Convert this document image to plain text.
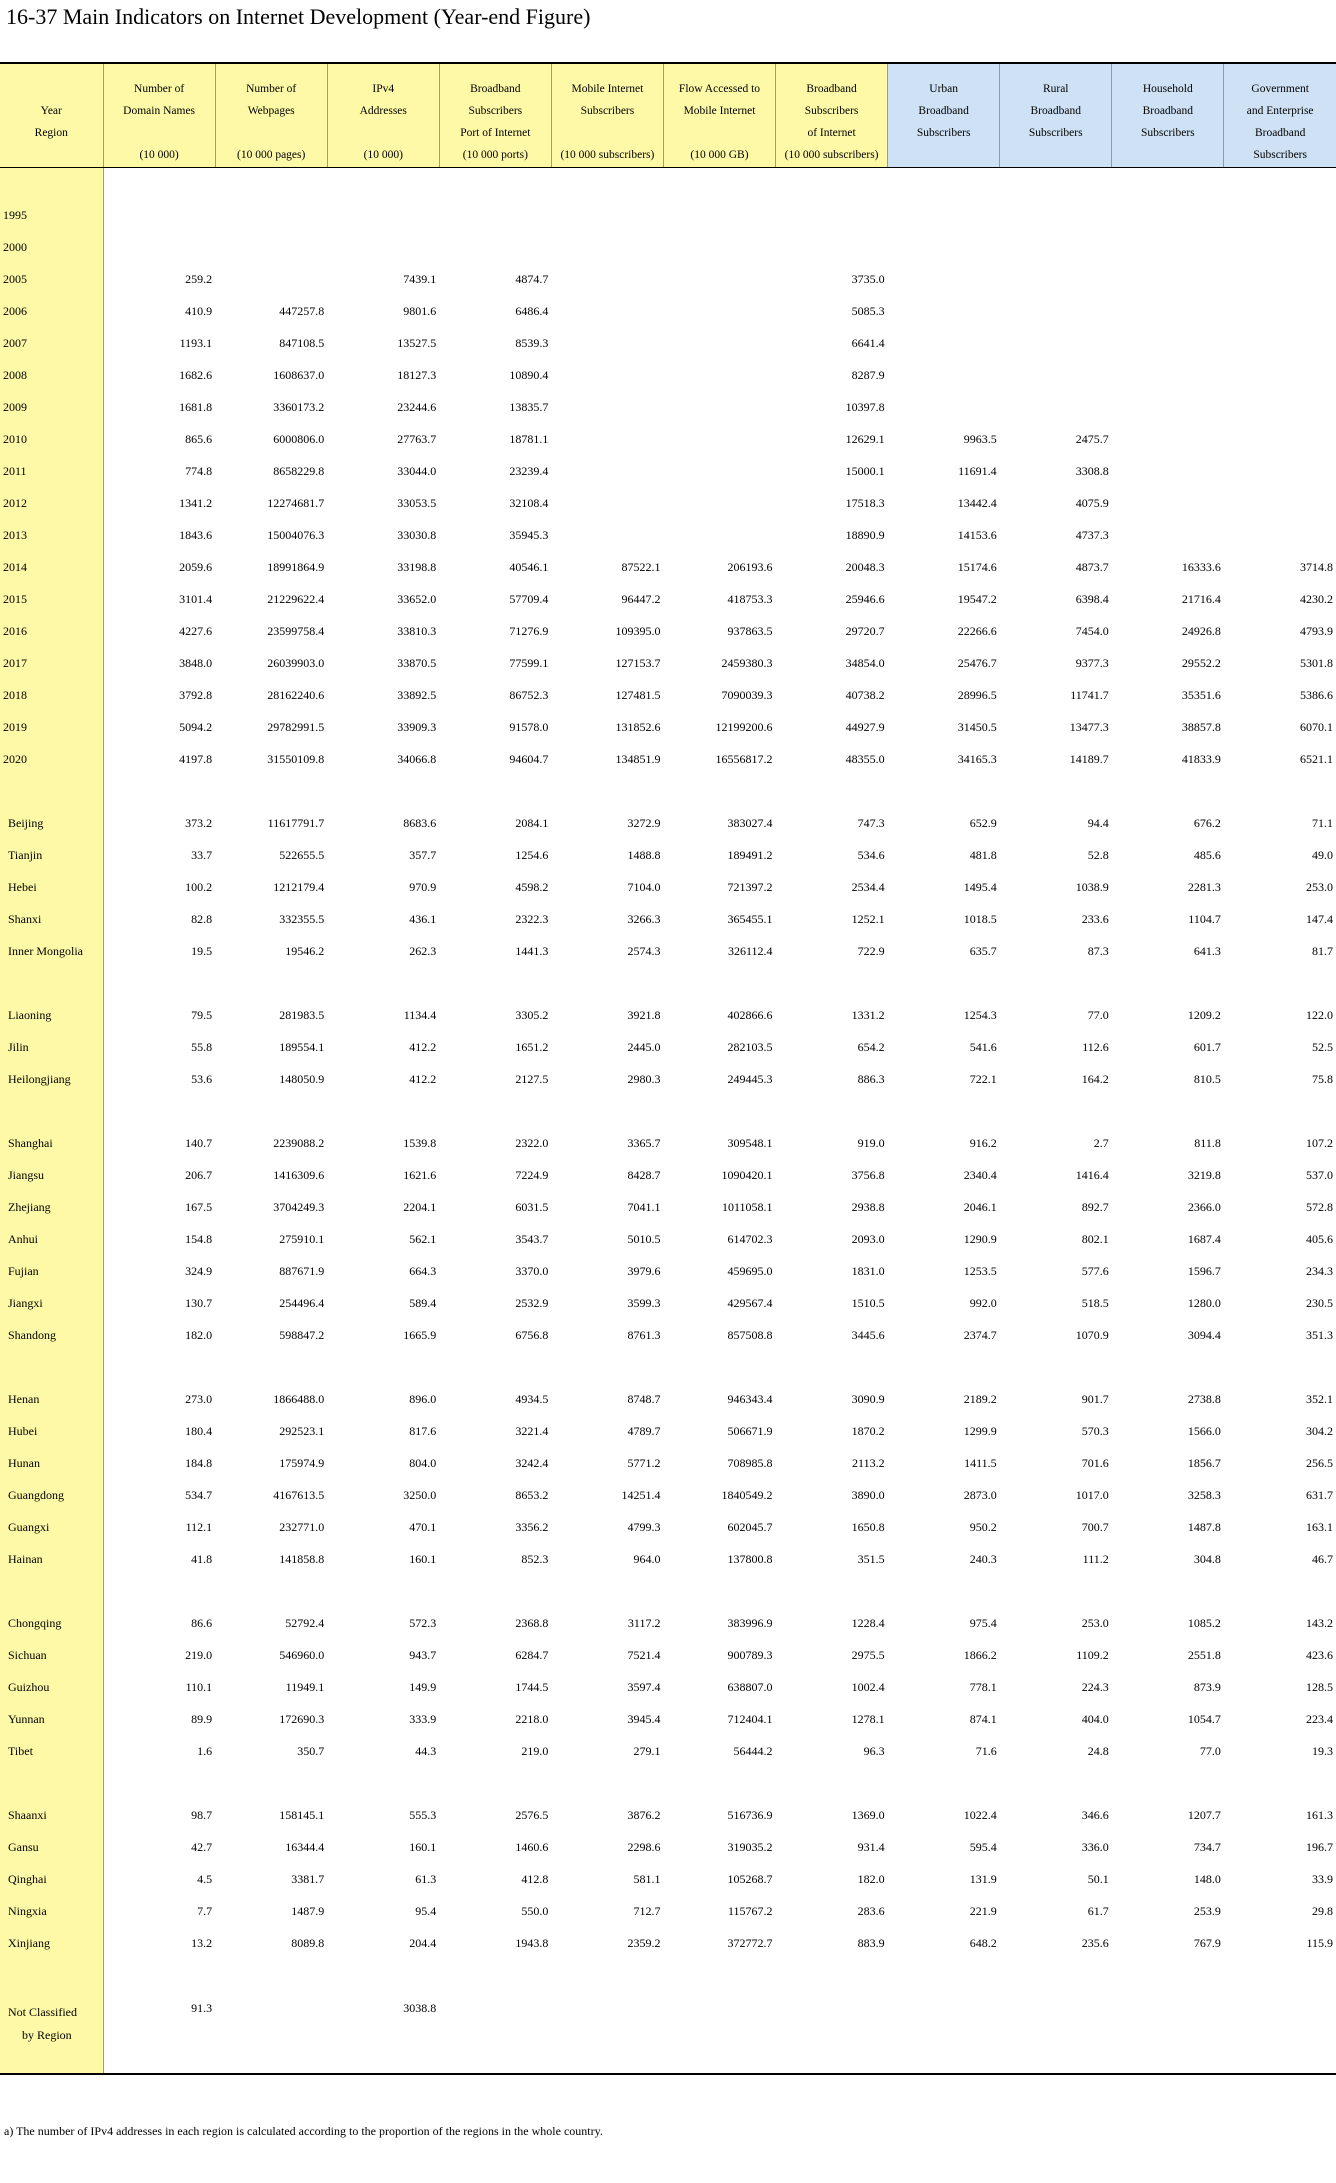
16-37 Main Indicators on Internet Development (Year-end Figure)
Year
Region	Number of
Domain Names
(10 000)	Number of
Webpages
(10 000 pages)	IPv4
Addresses
(10 000)	Broadband
Subscribers
Port of Internet
(10 000 ports)	Mobile Internet
Subscribers
(10 000 subscribers)	Flow Accessed to
Mobile Internet
(10 000 GB)	Broadband
Subscribers
of Internet
(10 000 subscribers)	Urban
Broadband
Subscribers	Rural
Broadband
Subscribers	Household
Broadband
Subscribers	Government
and Enterprise
Broadband
Subscribers

1995											
2000											
2005	259.2		7439.1	4874.7			3735.0				
2006	410.9	447257.8	9801.6	6486.4			5085.3				
2007	1193.1	847108.5	13527.5	8539.3			6641.4				
2008	1682.6	1608637.0	18127.3	10890.4			8287.9				
2009	1681.8	3360173.2	23244.6	13835.7			10397.8				
2010	865.6	6000806.0	27763.7	18781.1			12629.1	9963.5	2475.7		
2011	774.8	8658229.8	33044.0	23239.4			15000.1	11691.4	3308.8		
2012	1341.2	12274681.7	33053.5	32108.4			17518.3	13442.4	4075.9		
2013	1843.6	15004076.3	33030.8	35945.3			18890.9	14153.6	4737.3		
2014	2059.6	18991864.9	33198.8	40546.1	87522.1	206193.6	20048.3	15174.6	4873.7	16333.6	3714.8
2015	3101.4	21229622.4	33652.0	57709.4	96447.2	418753.3	25946.6	19547.2	6398.4	21716.4	4230.2
2016	4227.6	23599758.4	33810.3	71276.9	109395.0	937863.5	29720.7	22266.6	7454.0	24926.8	4793.9
2017	3848.0	26039903.0	33870.5	77599.1	127153.7	2459380.3	34854.0	25476.7	9377.3	29552.2	5301.8
2018	3792.8	28162240.6	33892.5	86752.3	127481.5	7090039.3	40738.2	28996.5	11741.7	35351.6	5386.6
2019	5094.2	29782991.5	33909.3	91578.0	131852.6	12199200.6	44927.9	31450.5	13477.3	38857.8	6070.1
2020	4197.8	31550109.8	34066.8	94604.7	134851.9	16556817.2	48355.0	34165.3	14189.7	41833.9	6521.1

Beijing	373.2	11617791.7	8683.6	2084.1	3272.9	383027.4	747.3	652.9	94.4	676.2	71.1
Tianjin	33.7	522655.5	357.7	1254.6	1488.8	189491.2	534.6	481.8	52.8	485.6	49.0
Hebei	100.2	1212179.4	970.9	4598.2	7104.0	721397.2	2534.4	1495.4	1038.9	2281.3	253.0
Shanxi	82.8	332355.5	436.1	2322.3	3266.3	365455.1	1252.1	1018.5	233.6	1104.7	147.4
Inner Mongolia	19.5	19546.2	262.3	1441.3	2574.3	326112.4	722.9	635.7	87.3	641.3	81.7

Liaoning	79.5	281983.5	1134.4	3305.2	3921.8	402866.6	1331.2	1254.3	77.0	1209.2	122.0
Jilin	55.8	189554.1	412.2	1651.2	2445.0	282103.5	654.2	541.6	112.6	601.7	52.5
Heilongjiang	53.6	148050.9	412.2	2127.5	2980.3	249445.3	886.3	722.1	164.2	810.5	75.8

Shanghai	140.7	2239088.2	1539.8	2322.0	3365.7	309548.1	919.0	916.2	2.7	811.8	107.2
Jiangsu	206.7	1416309.6	1621.6	7224.9	8428.7	1090420.1	3756.8	2340.4	1416.4	3219.8	537.0
Zhejiang	167.5	3704249.3	2204.1	6031.5	7041.1	1011058.1	2938.8	2046.1	892.7	2366.0	572.8
Anhui	154.8	275910.1	562.1	3543.7	5010.5	614702.3	2093.0	1290.9	802.1	1687.4	405.6
Fujian	324.9	887671.9	664.3	3370.0	3979.6	459695.0	1831.0	1253.5	577.6	1596.7	234.3
Jiangxi	130.7	254496.4	589.4	2532.9	3599.3	429567.4	1510.5	992.0	518.5	1280.0	230.5
Shandong	182.0	598847.2	1665.9	6756.8	8761.3	857508.8	3445.6	2374.7	1070.9	3094.4	351.3

Henan	273.0	1866488.0	896.0	4934.5	8748.7	946343.4	3090.9	2189.2	901.7	2738.8	352.1
Hubei	180.4	292523.1	817.6	3221.4	4789.7	506671.9	1870.2	1299.9	570.3	1566.0	304.2
Hunan	184.8	175974.9	804.0	3242.4	5771.2	708985.8	2113.2	1411.5	701.6	1856.7	256.5
Guangdong	534.7	4167613.5	3250.0	8653.2	14251.4	1840549.2	3890.0	2873.0	1017.0	3258.3	631.7
Guangxi	112.1	232771.0	470.1	3356.2	4799.3	602045.7	1650.8	950.2	700.7	1487.8	163.1
Hainan	41.8	141858.8	160.1	852.3	964.0	137800.8	351.5	240.3	111.2	304.8	46.7

Chongqing	86.6	52792.4	572.3	2368.8	3117.2	383996.9	1228.4	975.4	253.0	1085.2	143.2
Sichuan	219.0	546960.0	943.7	6284.7	7521.4	900789.3	2975.5	1866.2	1109.2	2551.8	423.6
Guizhou	110.1	11949.1	149.9	1744.5	3597.4	638807.0	1002.4	778.1	224.3	873.9	128.5
Yunnan	89.9	172690.3	333.9	2218.0	3945.4	712404.1	1278.1	874.1	404.0	1054.7	223.4
Tibet	1.6	350.7	44.3	219.0	279.1	56444.2	96.3	71.6	24.8	77.0	19.3

Shaanxi	98.7	158145.1	555.3	2576.5	3876.2	516736.9	1369.0	1022.4	346.6	1207.7	161.3
Gansu	42.7	16344.4	160.1	1460.6	2298.6	319035.2	931.4	595.4	336.0	734.7	196.7
Qinghai	4.5	3381.7	61.3	412.8	581.1	105268.7	182.0	131.9	50.1	148.0	33.9
Ningxia	7.7	1487.9	95.4	550.0	712.7	115767.2	283.6	221.9	61.7	253.9	29.8
Xinjiang	13.2	8089.8	204.4	1943.8	2359.2	372772.7	883.9	648.2	235.6	767.9	115.9

Not Classified
by Region	91.3		3038.8								

a) The number of IPv4 addresses in each region is calculated according to the proportion of the regions in the whole country.
